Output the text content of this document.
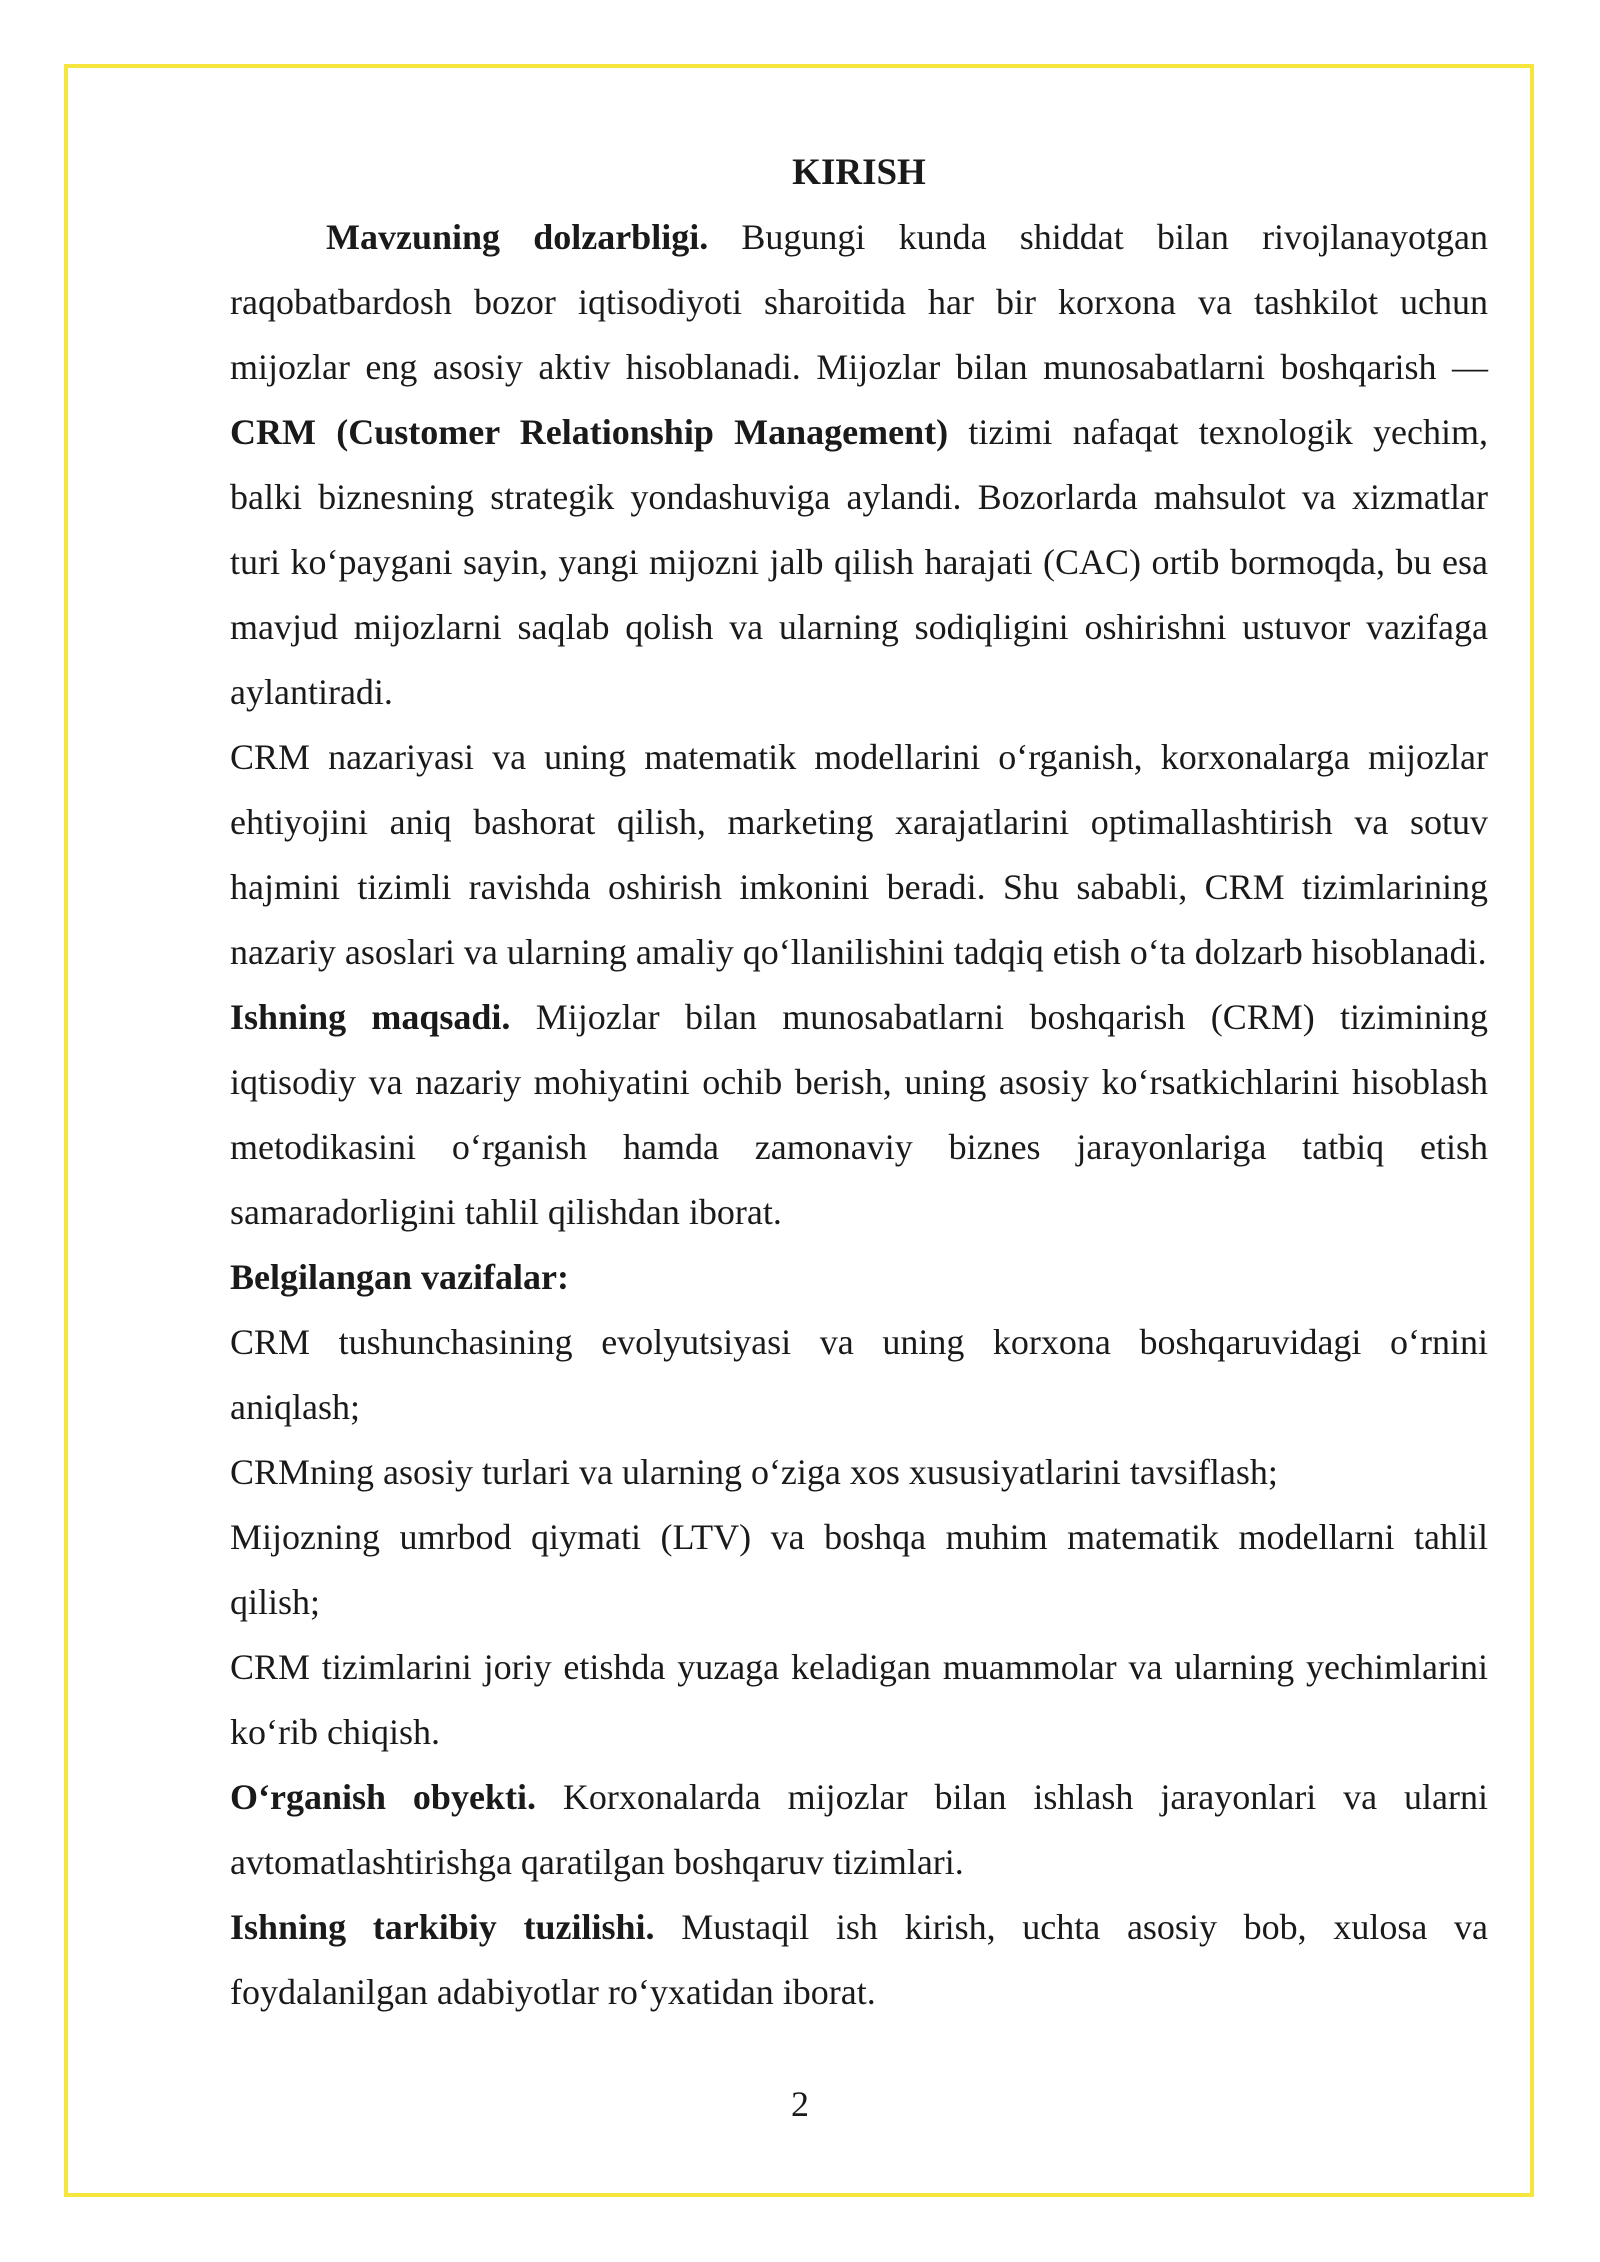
KIRISH

Mavzuning dolzarbligi. Bugungi kunda shiddat bilan rivojlanayotgan raqobatbardosh bozor iqtisodiyoti sharoitida har bir korxona va tashkilot uchun mijozlar eng asosiy aktiv hisoblanadi. Mijozlar bilan munosabatlarni boshqarish — CRM (Customer Relationship Management) tizimi nafaqat texnologik yechim, balki biznesning strategik yondashuviga aylandi. Bozorlarda mahsulot va xizmatlar turi koʻpaygani sayin, yangi mijozni jalb qilish harajati (CAC) ortib bormoqda, bu esa mavjud mijozlarni saqlab qolish va ularning sodiqligini oshirishni ustuvor vazifaga aylantiradi.

CRM nazariyasi va uning matematik modellarini oʻrganish, korxonalarga mijozlar ehtiyojini aniq bashorat qilish, marketing xarajatlarini optimallashtirish va sotuv hajmini tizimli ravishda oshirish imkonini beradi. Shu sababli, CRM tizimlarining nazariy asoslari va ularning amaliy qoʻllanilishini tadqiq etish oʻta dolzarb hisoblanadi.

Ishning maqsadi. Mijozlar bilan munosabatlarni boshqarish (CRM) tizimining iqtisodiy va nazariy mohiyatini ochib berish, uning asosiy koʻrsatkichlarini hisoblash metodikasini oʻrganish hamda zamonaviy biznes jarayonlariga tatbiq etish samaradorligini tahlil qilishdan iborat.

Belgilangan vazifalar:

CRM tushunchasining evolyutsiyasi va uning korxona boshqaruvidagi oʻrnini aniqlash;

CRMning asosiy turlari va ularning oʻziga xos xususiyatlarini tavsiflash;

Mijozning umrbod qiymati (LTV) va boshqa muhim matematik modellarni tahlil qilish;

CRM tizimlarini joriy etishda yuzaga keladigan muammolar va ularning yechimlarini koʻrib chiqish.

Oʻrganish obyekti. Korxonalarda mijozlar bilan ishlash jarayonlari va ularni avtomatlashtirishga qaratilgan boshqaruv tizimlari.

Ishning tarkibiy tuzilishi. Mustaqil ish kirish, uchta asosiy bob, xulosa va foydalanilgan adabiyotlar roʻyxatidan iborat.

2
